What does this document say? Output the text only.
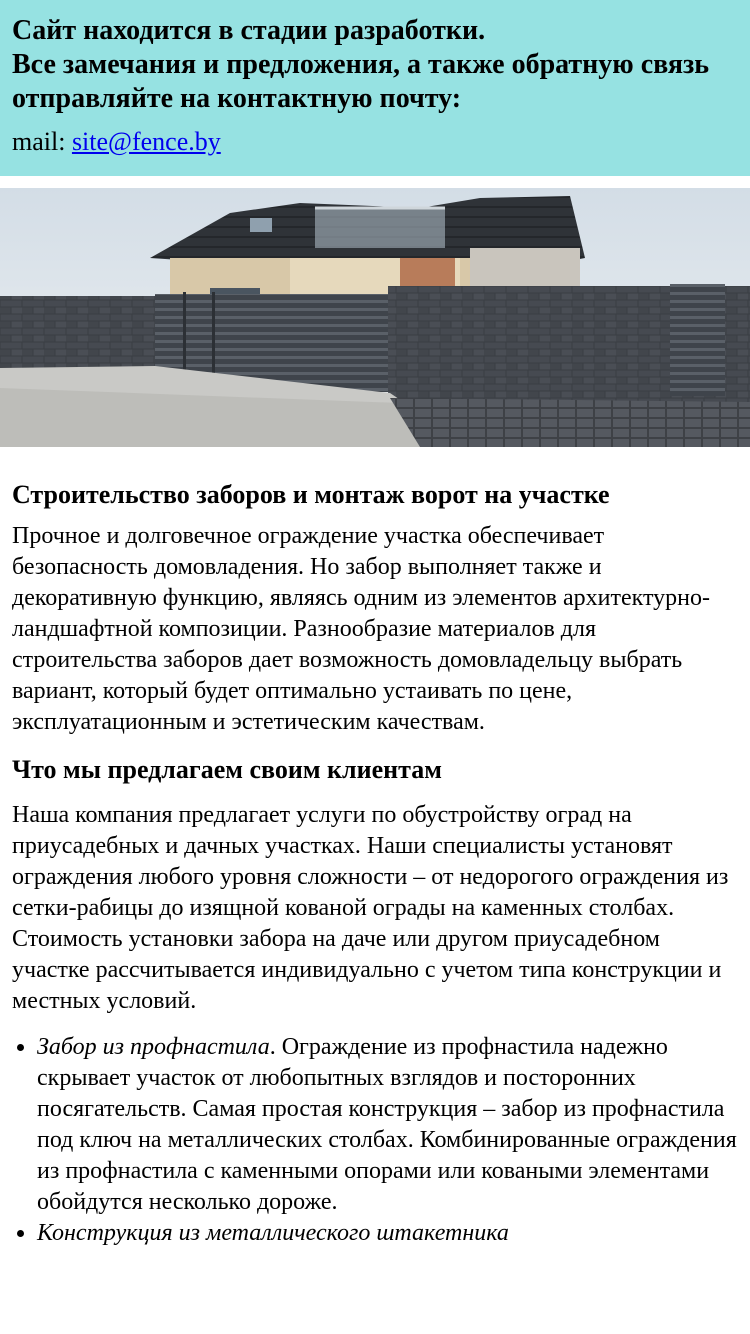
Сайт находится в стадии разработки.
Все замечания и предложения, а также обратную связь отправляйте на контактную почту:

mail: site@fence.by
Строительство заборов и монтаж ворот на участке

Прочное и долговечное ограждение участка обеспечивает безопасность домовладения. Но забор выполняет также и декоративную функцию, являясь одним из элементов архитектурно-ландшафтной композиции. Разнообразие материалов для строительства заборов дает возможность домовладельцу выбрать вариант, который будет оптимально устаивать по цене, эксплуатационным и эстетическим качествам.

Что мы предлагаем своим клиентам

Наша компания предлагает услуги по обустройству оград на приусадебных и дачных участках. Наши специалисты установят ограждения любого уровня сложности – от недорогого ограждения из сетки-рабицы до изящной кованой ограды на каменных столбах. Стоимость установки забора на даче или другом приусадебном участке рассчитывается индивидуально с учетом типа конструкции и местных условий.

• Забор из профнастила. Ограждение из профнастила надежно скрывает участок от любопытных взглядов и посторонних посягательств. Самая простая конструкция – забор из профнастила под ключ на металлических столбах. Комбинированные ограждения из профнастила с каменными опорами или коваными элементами обойдутся несколько дороже.
• Конструкция из металлического штакетника
